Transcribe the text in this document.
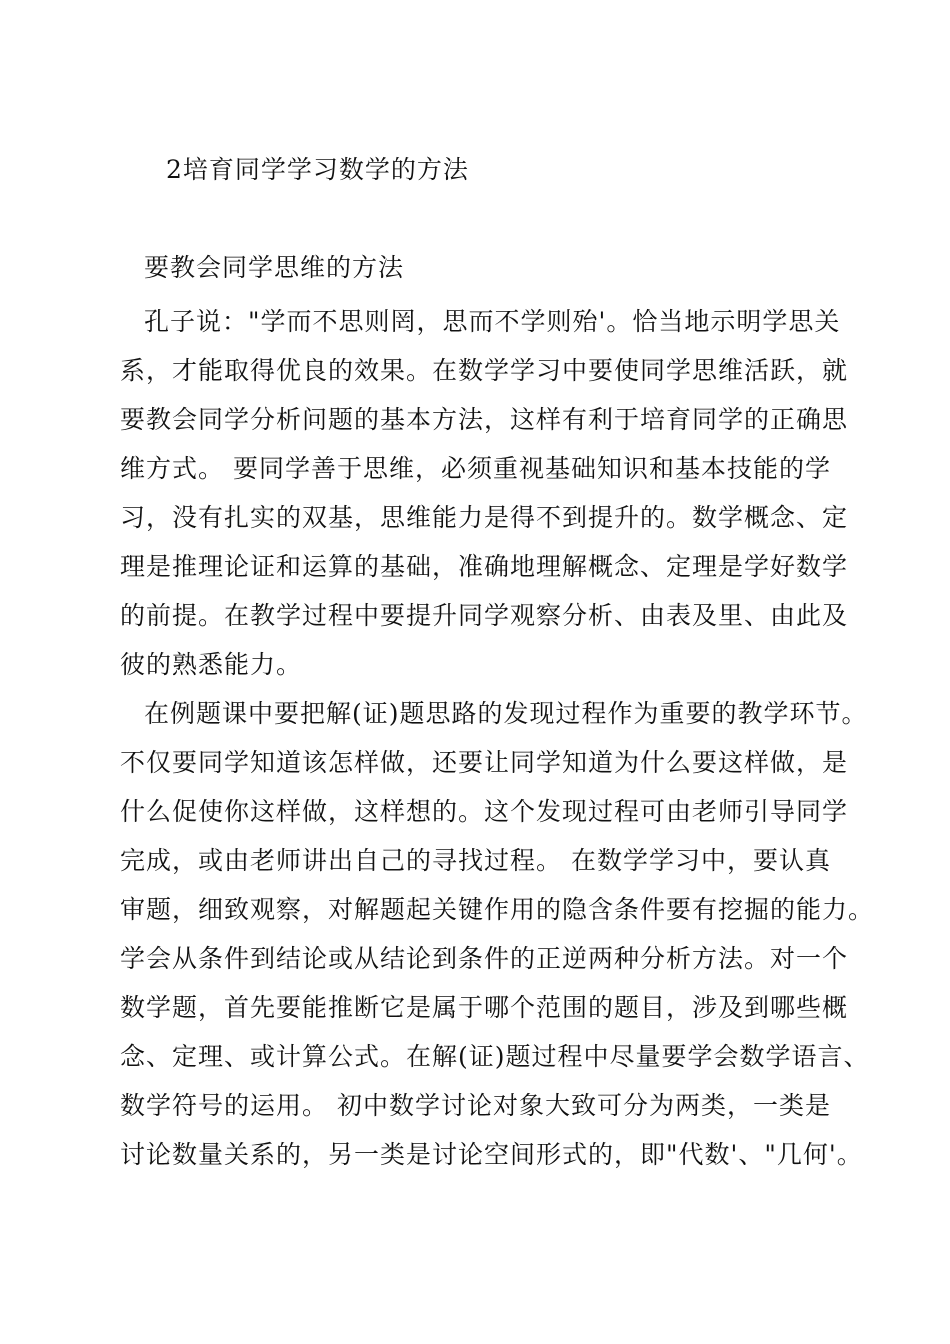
2培育同学学习数学的方法
要教会同学思维的方法
孔子说："学而不思则罔，思而不学则殆'。恰当地示明学思关
系，才能取得优良的效果。在数学学习中要使同学思维活跃，就
要教会同学分析问题的基本方法，这样有利于培育同学的正确思
维方式。 要同学善于思维，必须重视基础知识和基本技能的学
习，没有扎实的双基，思维能力是得不到提升的。数学概念、定
理是推理论证和运算的基础，准确地理解概念、定理是学好数学
的前提。在教学过程中要提升同学观察分析、由表及里、由此及
彼的熟悉能力。
在例题课中要把解(证)题思路的发现过程作为重要的教学环节。
不仅要同学知道该怎样做，还要让同学知道为什么要这样做，是
什么促使你这样做，这样想的。这个发现过程可由老师引导同学
完成，或由老师讲出自己的寻找过程。 在数学学习中，要认真
审题，细致观察，对解题起关键作用的隐含条件要有挖掘的能力。
学会从条件到结论或从结论到条件的正逆两种分析方法。对一个
数学题，首先要能推断它是属于哪个范围的题目，涉及到哪些概
念、定理、或计算公式。在解(证)题过程中尽量要学会数学语言、
数学符号的运用。 初中数学讨论对象大致可分为两类，一类是
讨论数量关系的，另一类是讨论空间形式的，即"代数'、"几何'。
